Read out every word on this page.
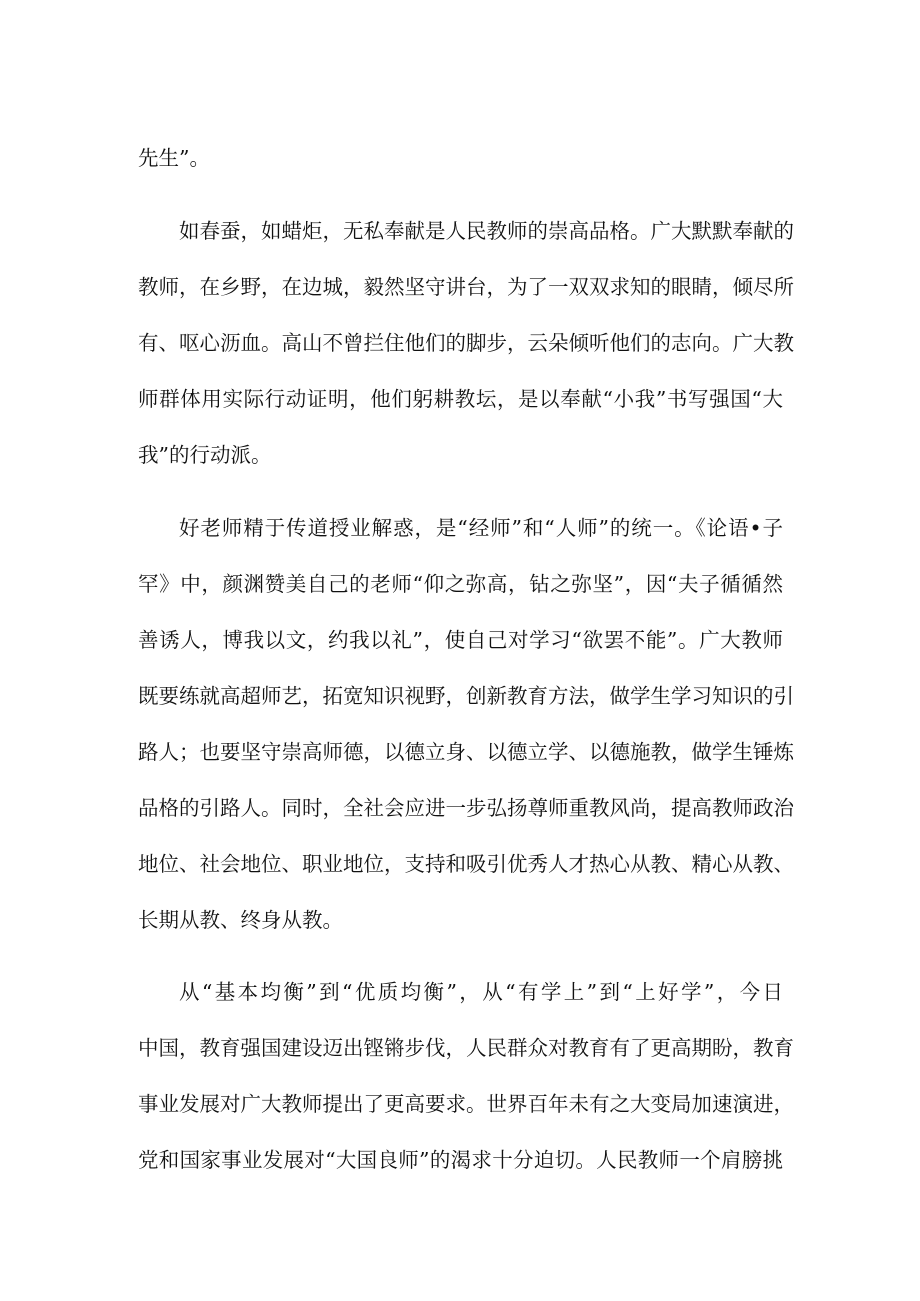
先生”。
如春蚕，如蜡炬，无私奉献是人民教师的崇高品格。广大默默奉献的
教师，在乡野，在边城，毅然坚守讲台，为了一双双求知的眼睛，倾尽所
有、呕心沥血。高山不曾拦住他们的脚步，云朵倾听他们的志向。广大教
师群体用实际行动证明，他们躬耕教坛，是以奉献“小我”书写强国“大
我”的行动派。
好老师精于传道授业解惑，是“经师”和“人师”的统一。《论语•子
罕》中，颜渊赞美自己的老师“仰之弥高，钻之弥坚”，因“夫子循循然
善诱人，博我以文，约我以礼”，使自己对学习“欲罢不能”。广大教师
既要练就高超师艺，拓宽知识视野，创新教育方法，做学生学习知识的引
路人；也要坚守崇高师德，以德立身、以德立学、以德施教，做学生锤炼
品格的引路人。同时，全社会应进一步弘扬尊师重教风尚，提高教师政治
地位、社会地位、职业地位，支持和吸引优秀人才热心从教、精心从教、
长期从教、终身从教。
从“基本均衡”到“优质均衡”，从“有学上”到“上好学”，今日
中国，教育强国建设迈出铿锵步伐，人民群众对教育有了更高期盼，教育
事业发展对广大教师提出了更高要求。世界百年未有之大变局加速演进，
党和国家事业发展对“大国良师”的渴求十分迫切。人民教师一个肩膀挑
